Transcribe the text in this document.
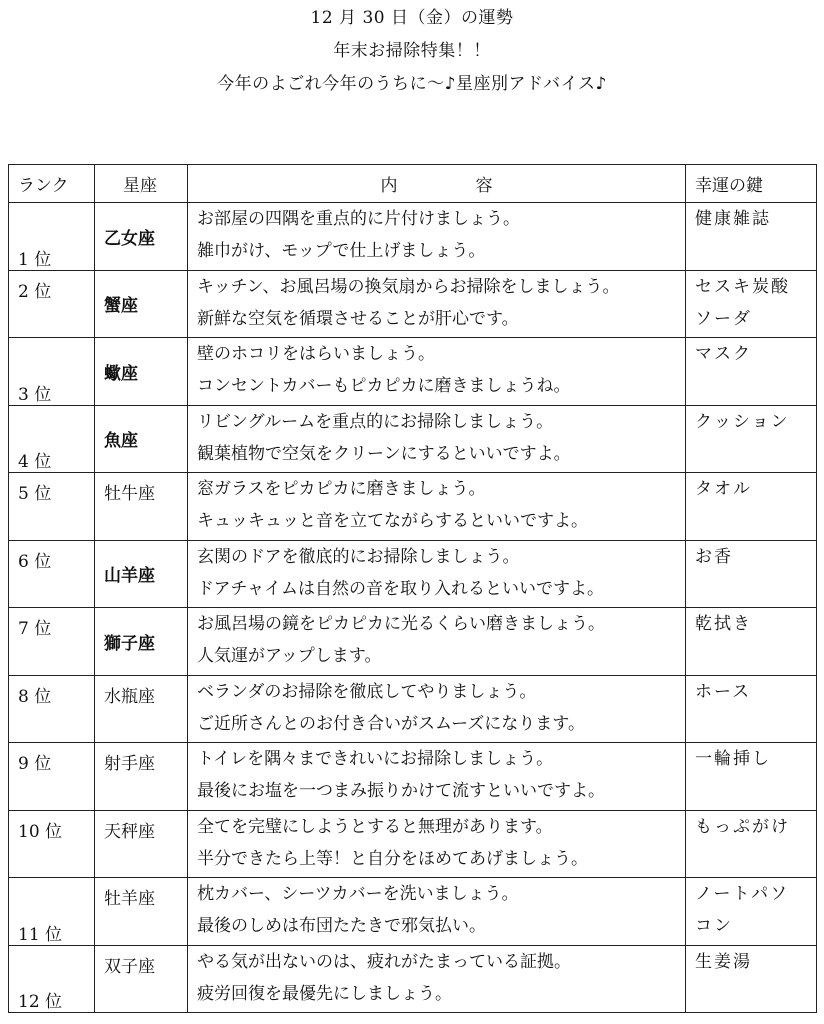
12 月 30 日（金）の運勢
年末お掃除特集！！
今年のよごれ今年のうちに～♪星座別アドバイス♪
ランク	星座	内容	幸運の鍵
1 位	乙女座	お部屋の四隅を重点的に片付けましょう。
雑巾がけ、モップで仕上げましょう。	健康雑誌

2 位	蟹座	キッチン、お風呂場の換気扇からお掃除をしましょう。
新鮮な空気を循環させることが肝心です。	セスキ炭酸
ソーダ

3 位	蠍座	壁のホコリをはらいましょう。
コンセントカバーもピカピカに磨きましょうね。	マスク

4 位	魚座	リビングルームを重点的にお掃除しましょう。
観葉植物で空気をクリーンにするといいですよ。	クッション

5 位	牡牛座	窓ガラスをピカピカに磨きましょう。
キュッキュッと音を立てながらするといいですよ。	タオル

6 位	山羊座	玄関のドアを徹底的にお掃除しましょう。
ドアチャイムは自然の音を取り入れるといいですよ。	お香

7 位	獅子座	お風呂場の鏡をピカピカに光るくらい磨きましょう。
人気運がアップします。	乾拭き

8 位	水瓶座	ベランダのお掃除を徹底してやりましょう。
ご近所さんとのお付き合いがスムーズになります。	ホース

9 位	射手座	トイレを隅々まできれいにお掃除しましょう。
最後にお塩を一つまみ振りかけて流すといいですよ。	一輪挿し

10 位	天秤座	全てを完璧にしようとすると無理があります。
半分できたら上等！と自分をほめてあげましょう。	もっぷがけ

11 位	牡羊座	枕カバー、シーツカバーを洗いましょう。
最後のしめは布団たたきで邪気払い。	ノートパソ
コン

12 位	双子座	やる気が出ないのは、疲れがたまっている証拠。
疲労回復を最優先にしましょう。	生姜湯
